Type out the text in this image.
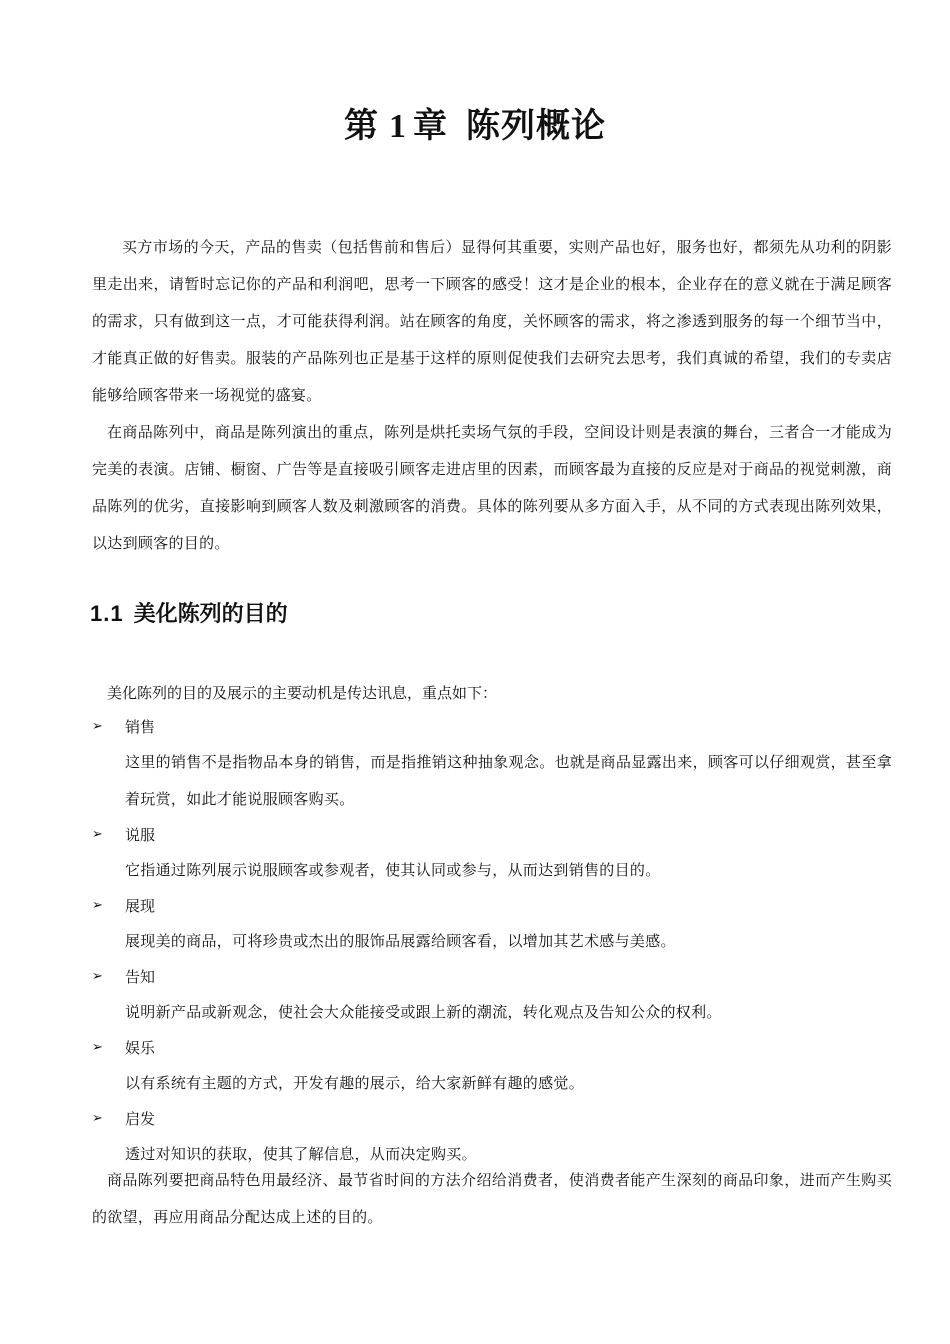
第 1 章 陈列概论

买方市场的今天，产品的售卖（包括售前和售后）显得何其重要，实则产品也好，服务也好，都须先从功利的阴影里走出来，请暂时忘记你的产品和利润吧，思考一下顾客的感受！这才是企业的根本，企业存在的意义就在于满足顾客的需求，只有做到这一点，才可能获得利润。站在顾客的角度，关怀顾客的需求，将之渗透到服务的每一个细节当中，才能真正做的好售卖。服装的产品陈列也正是基于这样的原则促使我们去研究去思考，我们真诚的希望，我们的专卖店能够给顾客带来一场视觉的盛宴。

在商品陈列中，商品是陈列演出的重点，陈列是烘托卖场气氛的手段，空间设计则是表演的舞台，三者合一才能成为完美的表演。店铺、橱窗、广告等是直接吸引顾客走进店里的因素，而顾客最为直接的反应是对于商品的视觉刺激，商品陈列的优劣，直接影响到顾客人数及刺激顾客的消费。具体的陈列要从多方面入手，从不同的方式表现出陈列效果，以达到顾客的目的。

1.1 美化陈列的目的
美化陈列的目的及展示的主要动机是传达讯息，重点如下：
➢ 销售

这里的销售不是指物品本身的销售，而是指推销这种抽象观念。也就是商品显露出来，顾客可以仔细观赏，甚至拿着玩赏，如此才能说服顾客购买。

➢ 说服

它指通过陈列展示说服顾客或参观者，使其认同或参与，从而达到销售的目的。

➢ 展现

展现美的商品，可将珍贵或杰出的服饰品展露给顾客看，以增加其艺术感与美感。

➢ 告知

说明新产品或新观念，使社会大众能接受或跟上新的潮流，转化观点及告知公众的权利。

➢ 娱乐

以有系统有主题的方式，开发有趣的展示，给大家新鲜有趣的感觉。

➢ 启发

透过对知识的获取，使其了解信息，从而决定购买。

商品陈列要把商品特色用最经济、最节省时间的方法介绍给消费者，使消费者能产生深刻的商品印象，进而产生购买的欲望，再应用商品分配达成上述的目的。
